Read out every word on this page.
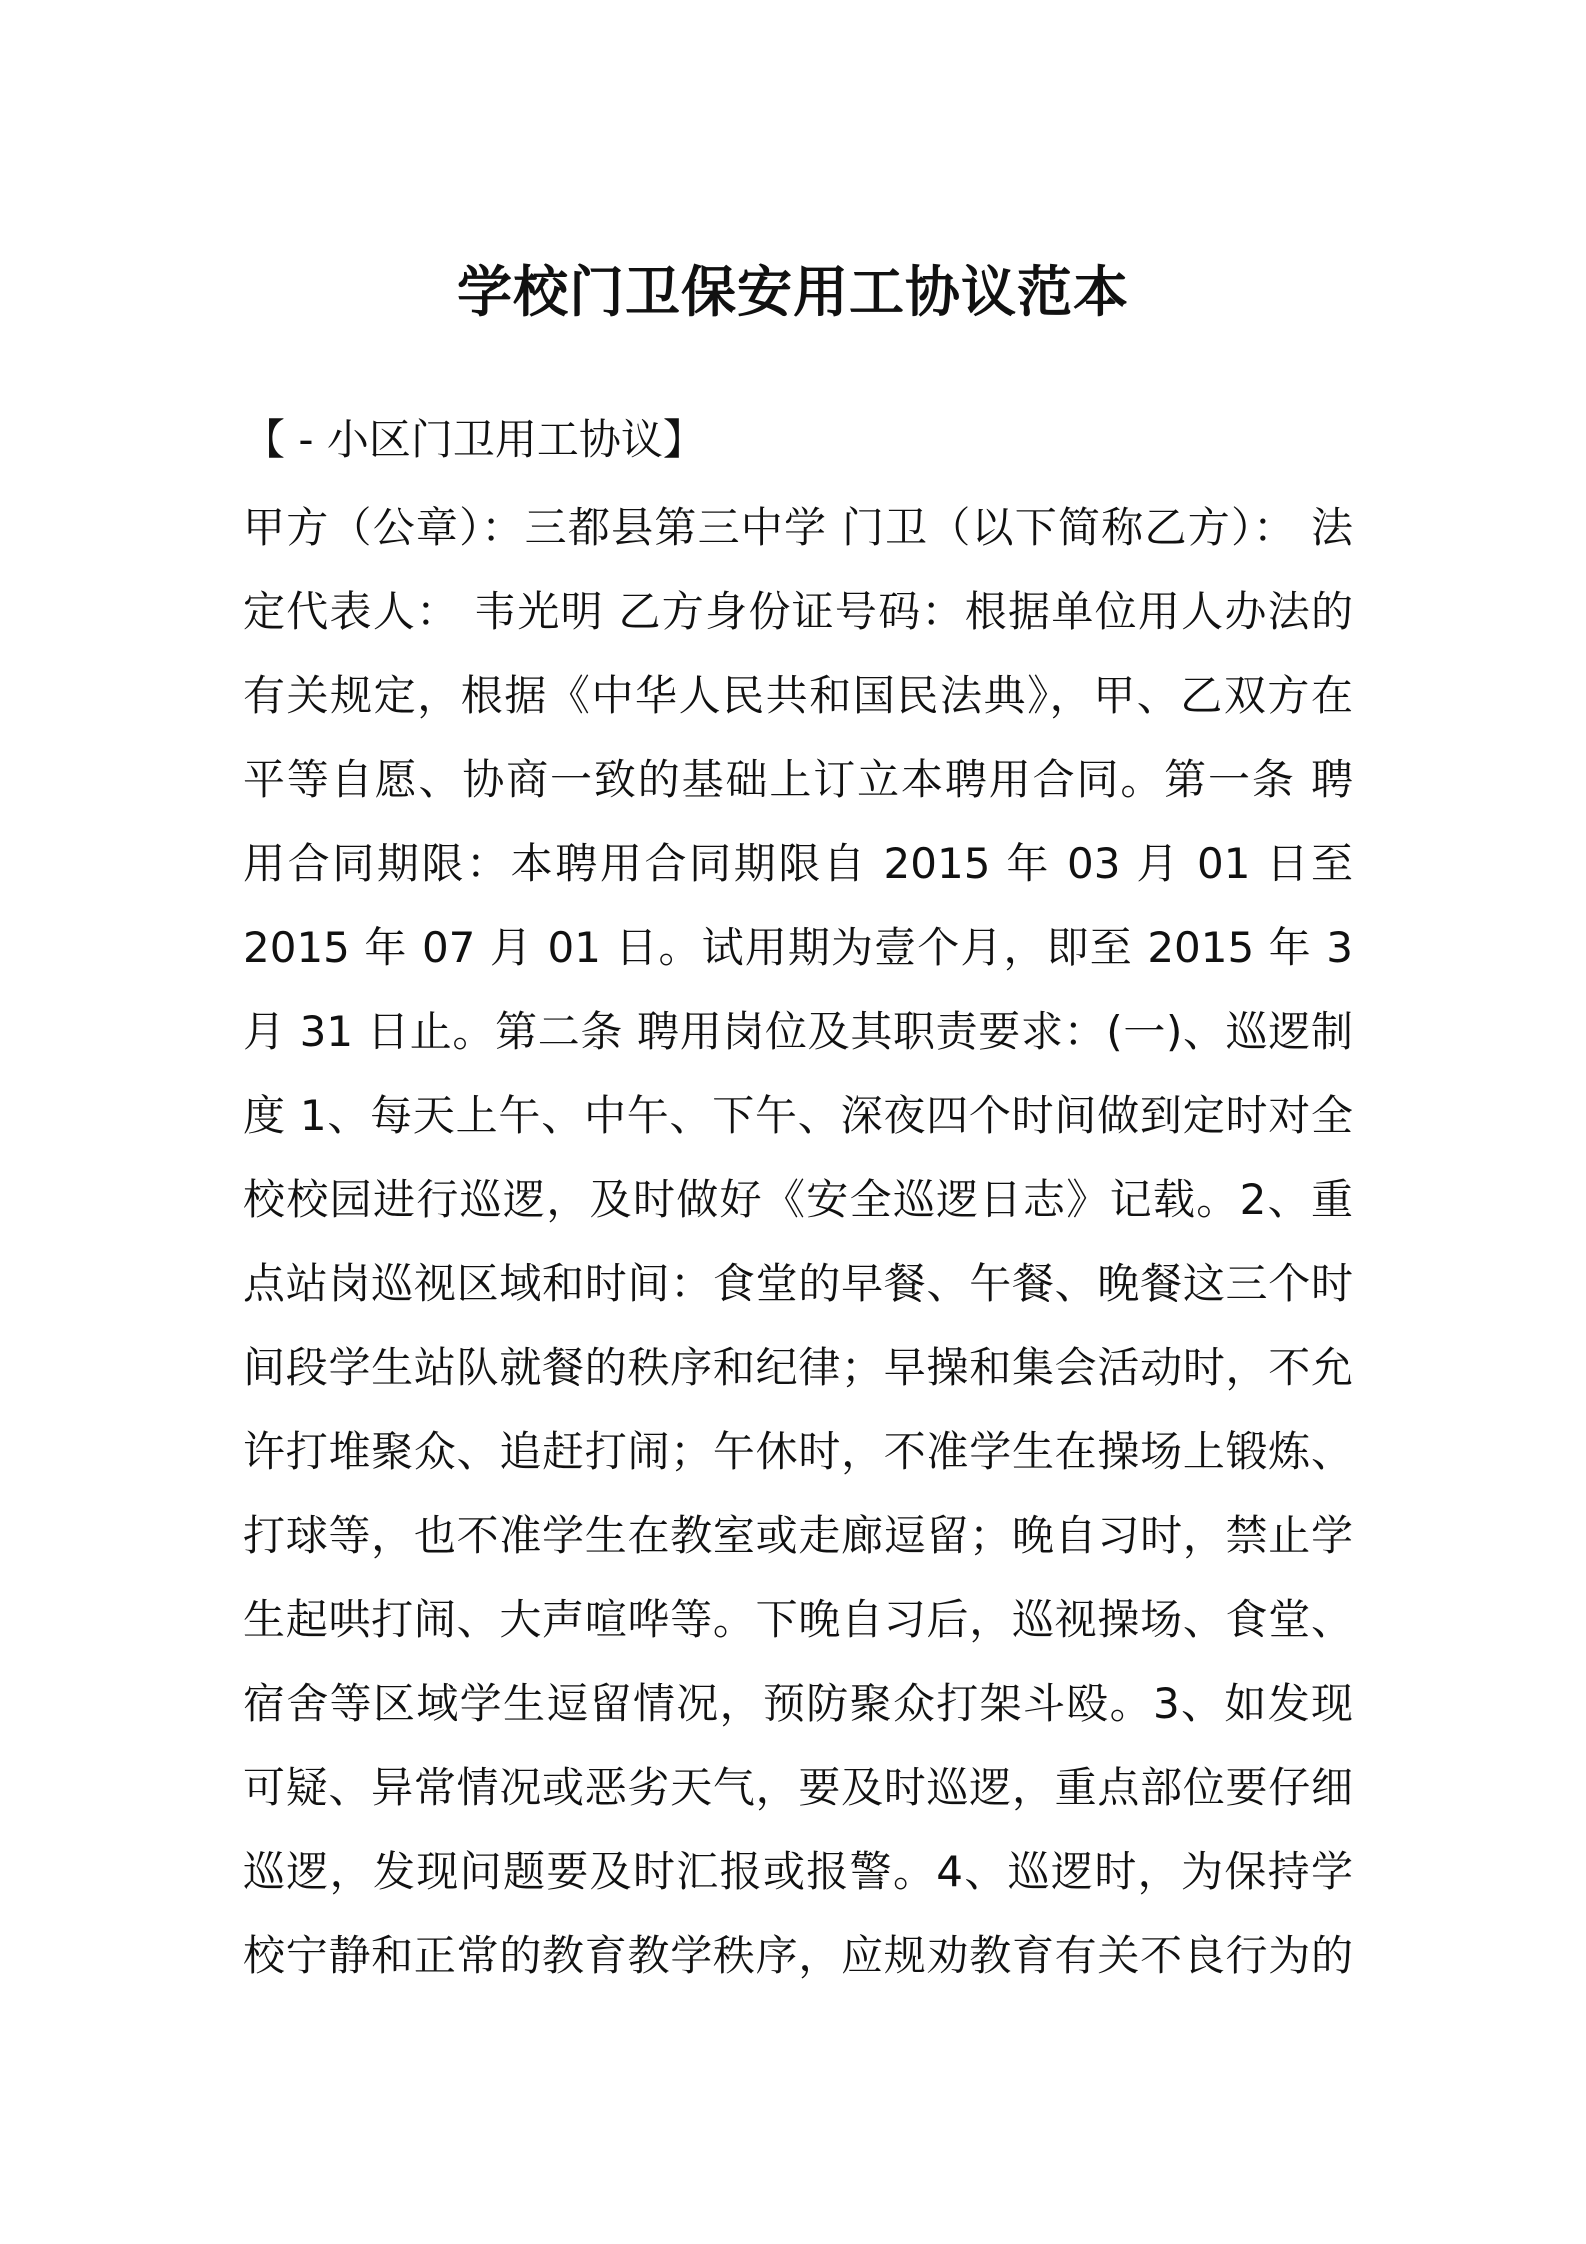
学校门卫保安用工协议范本
【 - 小区门卫用工协议】
甲方（公章）：三都县第三中学 门卫（以下简称乙方）： 法
定代表人： 韦光明 乙方身份证号码：根据单位用人办法的
有关规定，根据《中华人民共和国民法典》，甲、乙双方在
平等自愿、协商一致的基础上订立本聘用合同。第一条 聘
用合同期限：本聘用合同期限自 2015 年 03 月 01 日至
2015 年 07 月 01 日。试用期为壹个月，即至 2015 年 3
月 31 日止。第二条 聘用岗位及其职责要求：(一)、巡逻制
度 1、每天上午、中午、下午、深夜四个时间做到定时对全
校校园进行巡逻，及时做好《安全巡逻日志》记载。2、重
点站岗巡视区域和时间：食堂的早餐、午餐、晚餐这三个时
间段学生站队就餐的秩序和纪律；早操和集会活动时，不允
许打堆聚众、追赶打闹；午休时，不准学生在操场上锻炼、
打球等，也不准学生在教室或走廊逗留；晚自习时，禁止学
生起哄打闹、大声喧哗等。下晚自习后，巡视操场、食堂、
宿舍等区域学生逗留情况，预防聚众打架斗殴。3、如发现
可疑、异常情况或恶劣天气，要及时巡逻，重点部位要仔细
巡逻，发现问题要及时汇报或报警。4、巡逻时，为保持学
校宁静和正常的教育教学秩序，应规劝教育有关不良行为的
